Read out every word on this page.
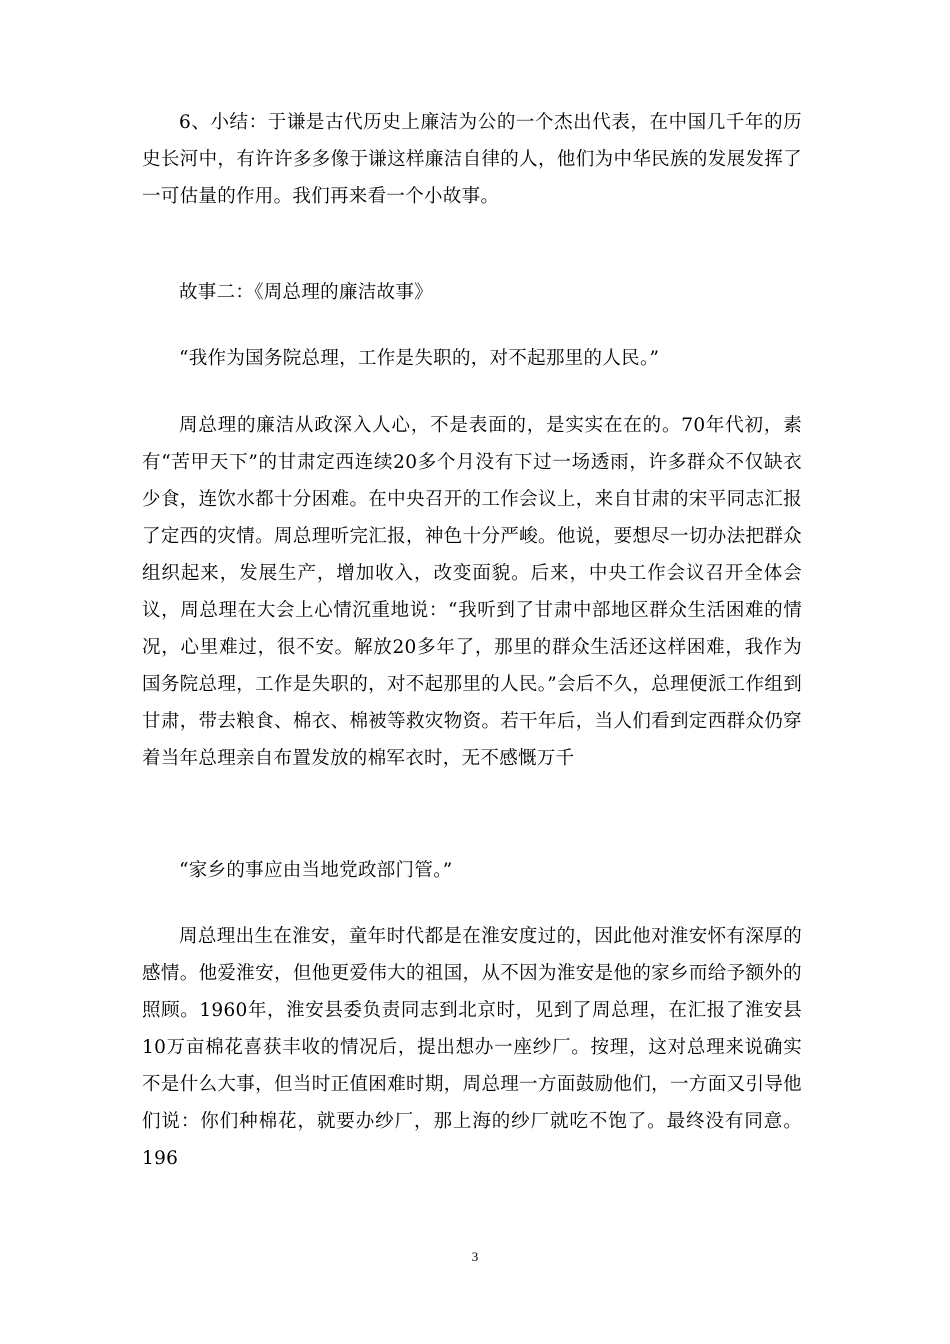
6、小结：于谦是古代历史上廉洁为公的一个杰出代表，在中国几千年的历史长河中，有许许多多像于谦这样廉洁自律的人，他们为中华民族的发展发挥了一可估量的作用。我们再来看一个小故事。

故事二：《周总理的廉洁故事》

“我作为国务院总理，工作是失职的，对不起那里的人民。”

周总理的廉洁从政深入人心，不是表面的，是实实在在的。70年代初，素有“苦甲天下”的甘肃定西连续20多个月没有下过一场透雨，许多群众不仅缺衣少食，连饮水都十分困难。在中央召开的工作会议上，来自甘肃的宋平同志汇报了定西的灾情。周总理听完汇报，神色十分严峻。他说，要想尽一切办法把群众组织起来，发展生产，增加收入，改变面貌。后来，中央工作会议召开全体会议，周总理在大会上心情沉重地说：“我听到了甘肃中部地区群众生活困难的情况，心里难过，很不安。解放20多年了，那里的群众生活还这样困难，我作为国务院总理，工作是失职的，对不起那里的人民。”会后不久，总理便派工作组到甘肃，带去粮食、棉衣、棉被等救灾物资。若干年后，当人们看到定西群众仍穿着当年总理亲自布置发放的棉军衣时，无不感慨万千

“家乡的事应由当地党政部门管。”

周总理出生在淮安，童年时代都是在淮安度过的，因此他对淮安怀有深厚的感情。他爱淮安，但他更爱伟大的祖国，从不因为淮安是他的家乡而给予额外的照顾。1960年，淮安县委负责同志到北京时，见到了周总理，在汇报了淮安县10万亩棉花喜获丰收的情况后，提出想办一座纱厂。按理，这对总理来说确实不是什么大事，但当时正值困难时期，周总理一方面鼓励他们，一方面又引导他们说：你们种棉花，就要办纱厂，那上海的纱厂就吃不饱了。最终没有同意。196

3
